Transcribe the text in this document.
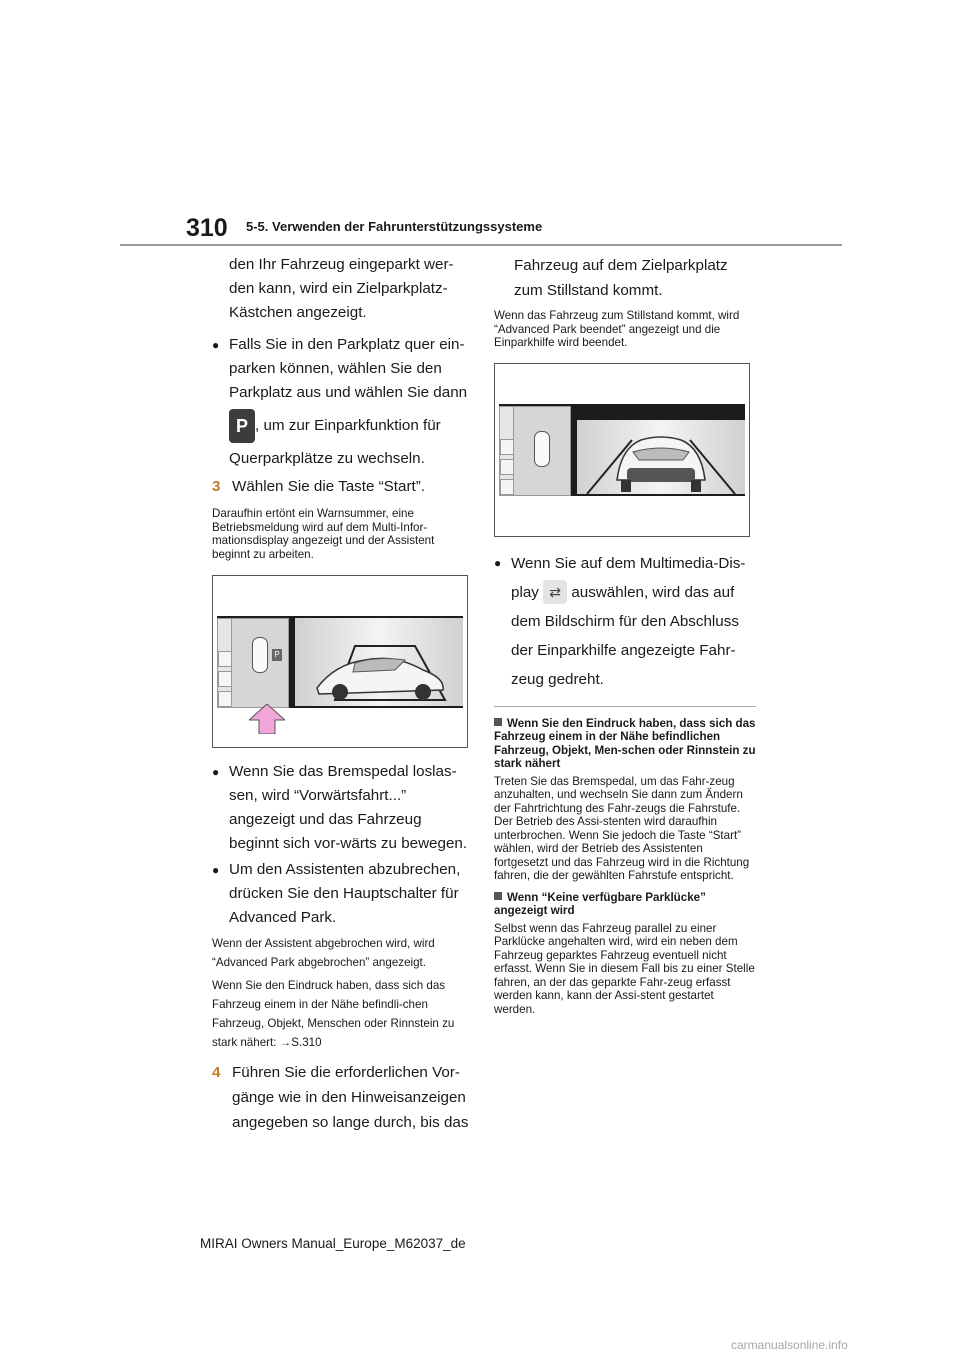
310 5-5. Verwenden der Fahrunterstützungssysteme

den Ihr Fahrzeug eingeparkt wer-den kann, wird ein Zielparkplatz-Kästchen angezeigt.

● Falls Sie in den Parkplatz quer ein-parken können, wählen Sie den Parkplatz aus und wählen Sie dann

P , um zur Einparkfunktion für
Querparkplätze zu wechseln.
3 Wählen Sie die Taste “Start”.

Daraufhin ertönt ein Warnsummer, eine Betriebsmeldung wird auf dem Multi-Infor-mationsdisplay angezeigt und der Assistent beginnt zu arbeiten.

P
● Wenn Sie das Bremspedal loslas-sen, wird “Vorwärtsfahrt...” angezeigt und das Fahrzeug beginnt sich vor-wärts zu bewegen.
● Um den Assistenten abzubrechen, drücken Sie den Hauptschalter für Advanced Park.

Wenn der Assistent abgebrochen wird, wird “Advanced Park abgebrochen” angezeigt.

Wenn Sie den Eindruck haben, dass sich das Fahrzeug einem in der Nähe befindli-chen Fahrzeug, Objekt, Menschen oder Rinnstein zu stark nähert: →S.310

4 Führen Sie die erforderlichen Vor-gänge wie in den Hinweisanzeigen angegeben so lange durch, bis das

Fahrzeug auf dem Zielparkplatz zum Stillstand kommt.

Wenn das Fahrzeug zum Stillstand kommt, wird “Advanced Park beendet” angezeigt und die Einparkhilfe wird beendet.

● Wenn Sie auf dem Multimedia-Dis-play ⇄ auswählen, wird das auf dem Bildschirm für den Abschluss der Einparkhilfe angezeigte Fahr-zeug gedreht.

Wenn Sie den Eindruck haben, dass sich das Fahrzeug einem in der Nähe befindlichen Fahrzeug, Objekt, Men-schen oder Rinnstein zu stark nähert

Treten Sie das Bremspedal, um das Fahr-zeug anzuhalten, und wechseln Sie dann zum Ändern der Fahrtrichtung des Fahr-zeugs die Fahrstufe. Der Betrieb des Assi-stenten wird daraufhin unterbrochen. Wenn Sie jedoch die Taste “Start” wählen, wird der Betrieb des Assistenten fortgesetzt und das Fahrzeug wird in die Richtung fahren, die der gewählten Fahrstufe entspricht.

Wenn “Keine verfügbare Parklücke” angezeigt wird

Selbst wenn das Fahrzeug parallel zu einer Parklücke angehalten wird, wird ein neben dem Fahrzeug geparktes Fahrzeug eventuell nicht erfasst. Wenn Sie in diesem Fall bis zu einer Stelle fahren, an der das geparkte Fahr-zeug erfasst werden kann, kann der Assi-stent gestartet werden.

MIRAI Owners Manual_Europe_M62037_de
carmanualsonline.info
